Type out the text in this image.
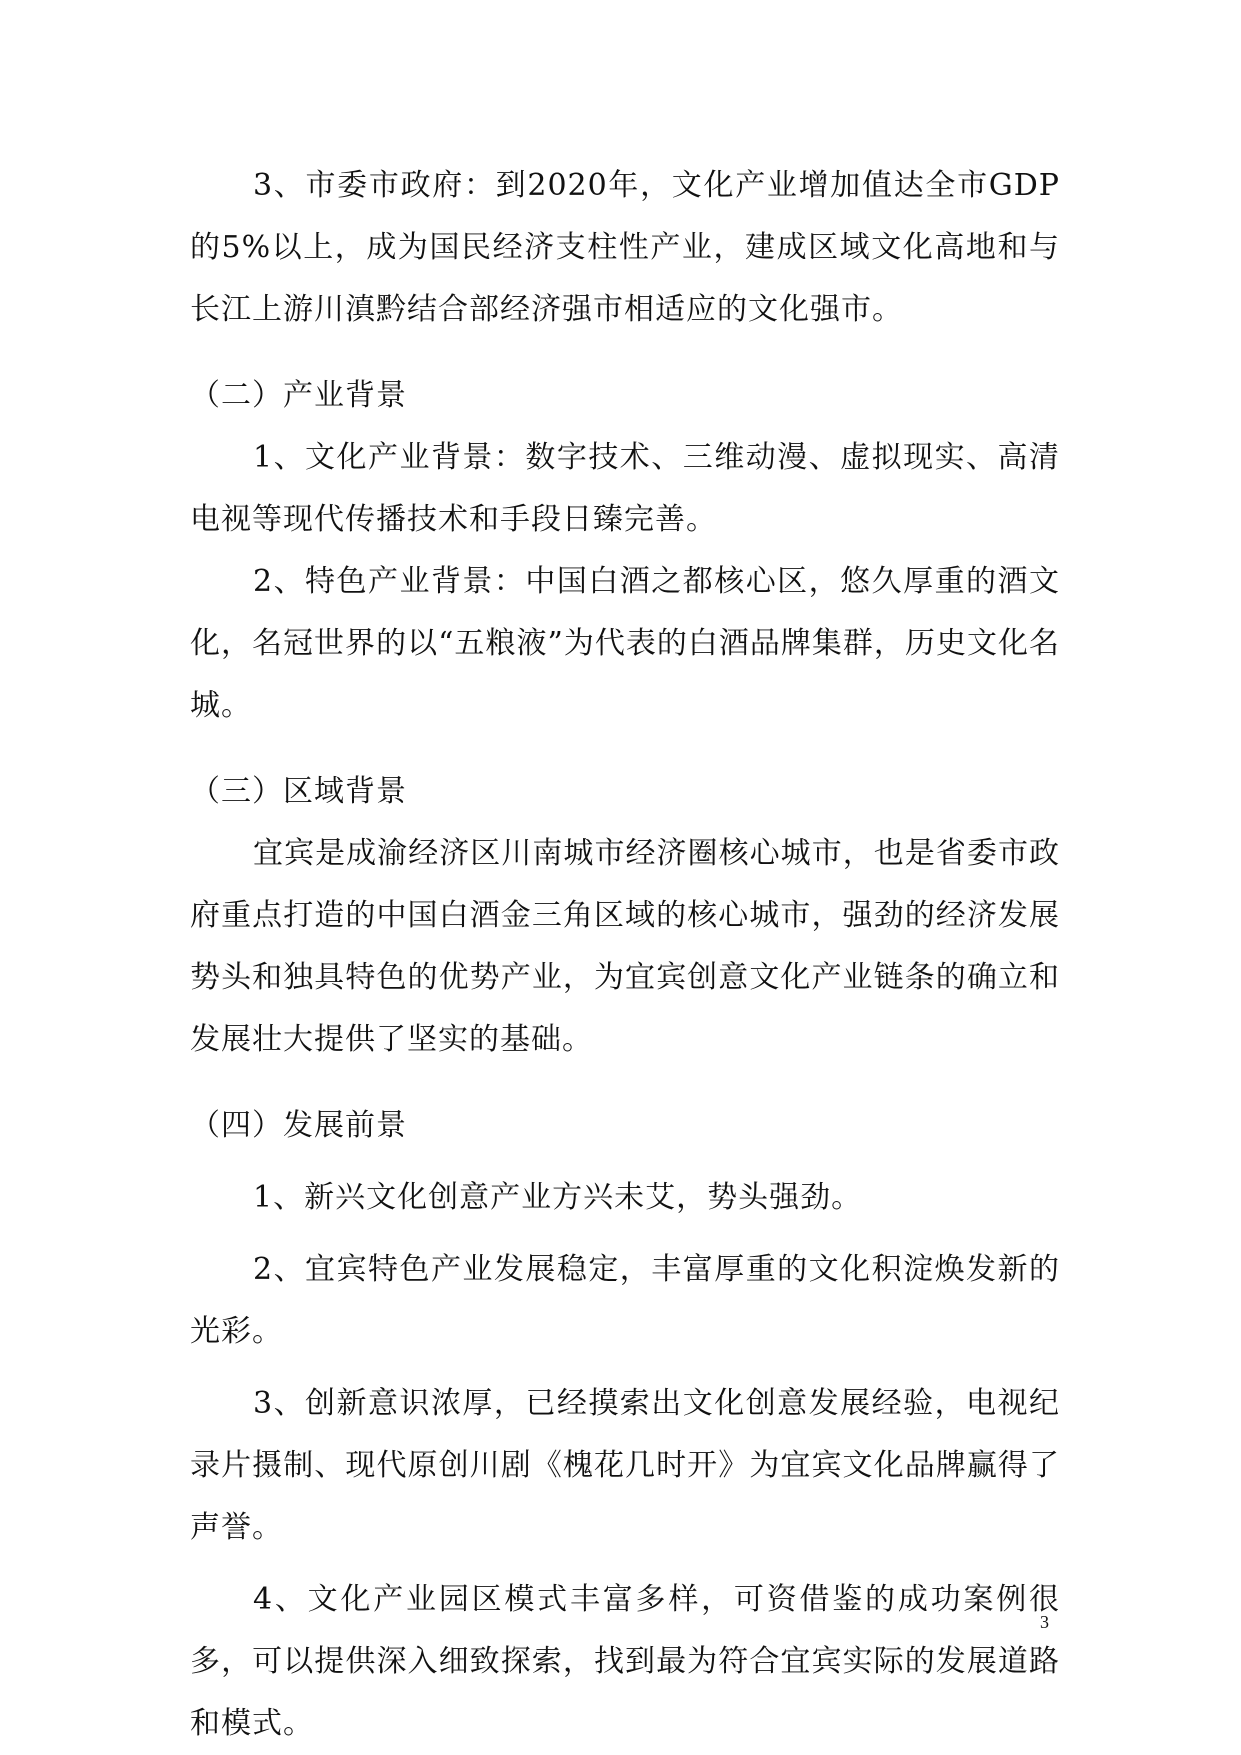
3、市委市政府：到2020年，文化产业增加值达全市GDP的5%以上，成为国民经济支柱性产业，建成区域文化高地和与长江上游川滇黔结合部经济强市相适应的文化强市。

（二）产业背景

1、文化产业背景：数字技术、三维动漫、虚拟现实、高清电视等现代传播技术和手段日臻完善。

2、特色产业背景：中国白酒之都核心区，悠久厚重的酒文化，名冠世界的以“五粮液”为代表的白酒品牌集群，历史文化名城。

（三）区域背景

宜宾是成渝经济区川南城市经济圈核心城市，也是省委市政府重点打造的中国白酒金三角区域的核心城市，强劲的经济发展势头和独具特色的优势产业，为宜宾创意文化产业链条的确立和发展壮大提供了坚实的基础。

（四）发展前景

1、新兴文化创意产业方兴未艾，势头强劲。

2、宜宾特色产业发展稳定，丰富厚重的文化积淀焕发新的光彩。

3、创新意识浓厚，已经摸索出文化创意发展经验，电视纪录片摄制、现代原创川剧《槐花几时开》为宜宾文化品牌赢得了声誉。

4、文化产业园区模式丰富多样，可资借鉴的成功案例很多，可以提供深入细致探索，找到最为符合宜宾实际的发展道路和模式。

3
